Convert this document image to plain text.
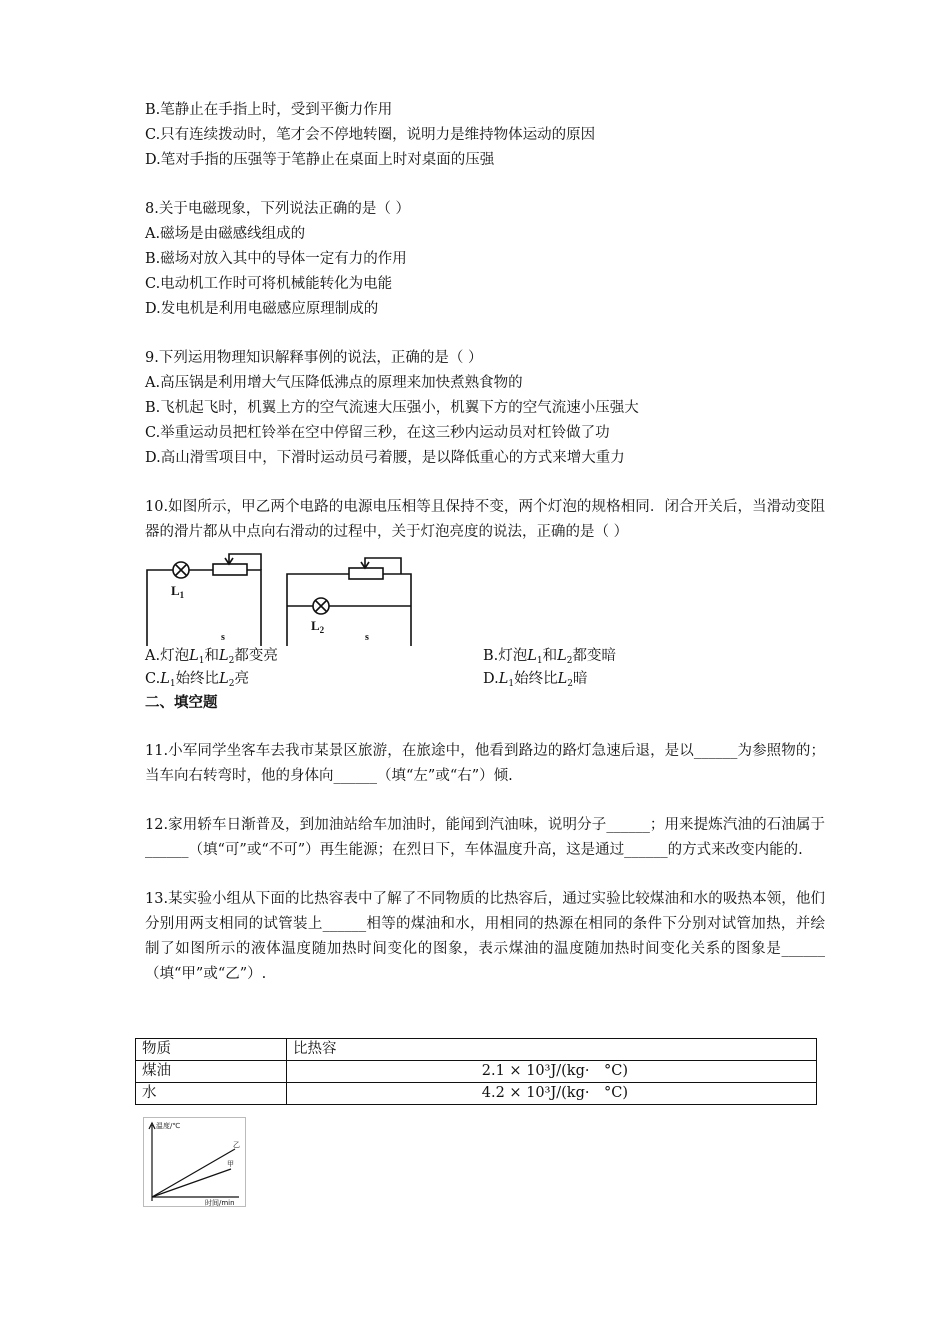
B.笔静止在手指上时，受到平衡力作用
C.只有连续拨动时，笔才会不停地转圈，说明力是维持物体运动的原因
D.笔对手指的压强等于笔静止在桌面上时对桌面的压强
8.关于电磁现象，下列说法正确的是（ ）
A.磁场是由磁感线组成的
B.磁场对放入其中的导体一定有力的作用
C.电动机工作时可将机械能转化为电能
D.发电机是利用电磁感应原理制成的
9.下列运用物理知识解释事例的说法，正确的是（ ）
A.高压锅是利用增大气压降低沸点的原理来加快煮熟食物的
B.飞机起飞时，机翼上方的空气流速大压强小，机翼下方的空气流速小压强大
C.举重运动员把杠铃举在空中停留三秒，在这三秒内运动员对杠铃做了功
D.高山滑雪项目中，下滑时运动员弓着腰，是以降低重心的方式来增大重力
10.如图所示，甲乙两个电路的电源电压相等且保持不变，两个灯泡的规格相同．闭合开关后，当滑动变阻器的滑片都从中点向右滑动的过程中，关于灯泡亮度的说法，正确的是（ ）
A.灯泡$L_1$和$L_2$都变亮	B.灯泡$L_1$和$L_2$都变暗
$C.L_1$始终比$L_2$亮	$D.L_1$始终比$L_2$暗
二、填空题
11.小军同学坐客车去我市某景区旅游，在旅途中，他看到路边的路灯急速后退，是以______为参照物的；当车向右转弯时，他的身体向______（填“左”或“右”）倾.
12.家用轿车日渐普及，到加油站给车加油时，能闻到汽油味，说明分子______；用来提炼汽油的石油属于______（填“可”或“不可”）再生能源；在烈日下，车体温度升高，这是通过______的方式来改变内能的.
13.某实验小组从下面的比热容表中了解了不同物质的比热容后，通过实验比较煤油和水的吸热本领，他们分别用两支相同的试管装上______相等的煤油和水，用相同的热源在相同的条件下分别对试管加热，并绘制了如图所示的液体温度随加热时间变化的图象，表示煤油的温度随加热时间变化关系的图象是______（填“甲”或“乙”）.
$L_1$
$L_2$
s	s
物质	比热容
煤油	2.1 × 10³J/(kg·　°C)
水	4.2 × 10³J/(kg·　°C)
温度/℃
时间/min
乙
甲
